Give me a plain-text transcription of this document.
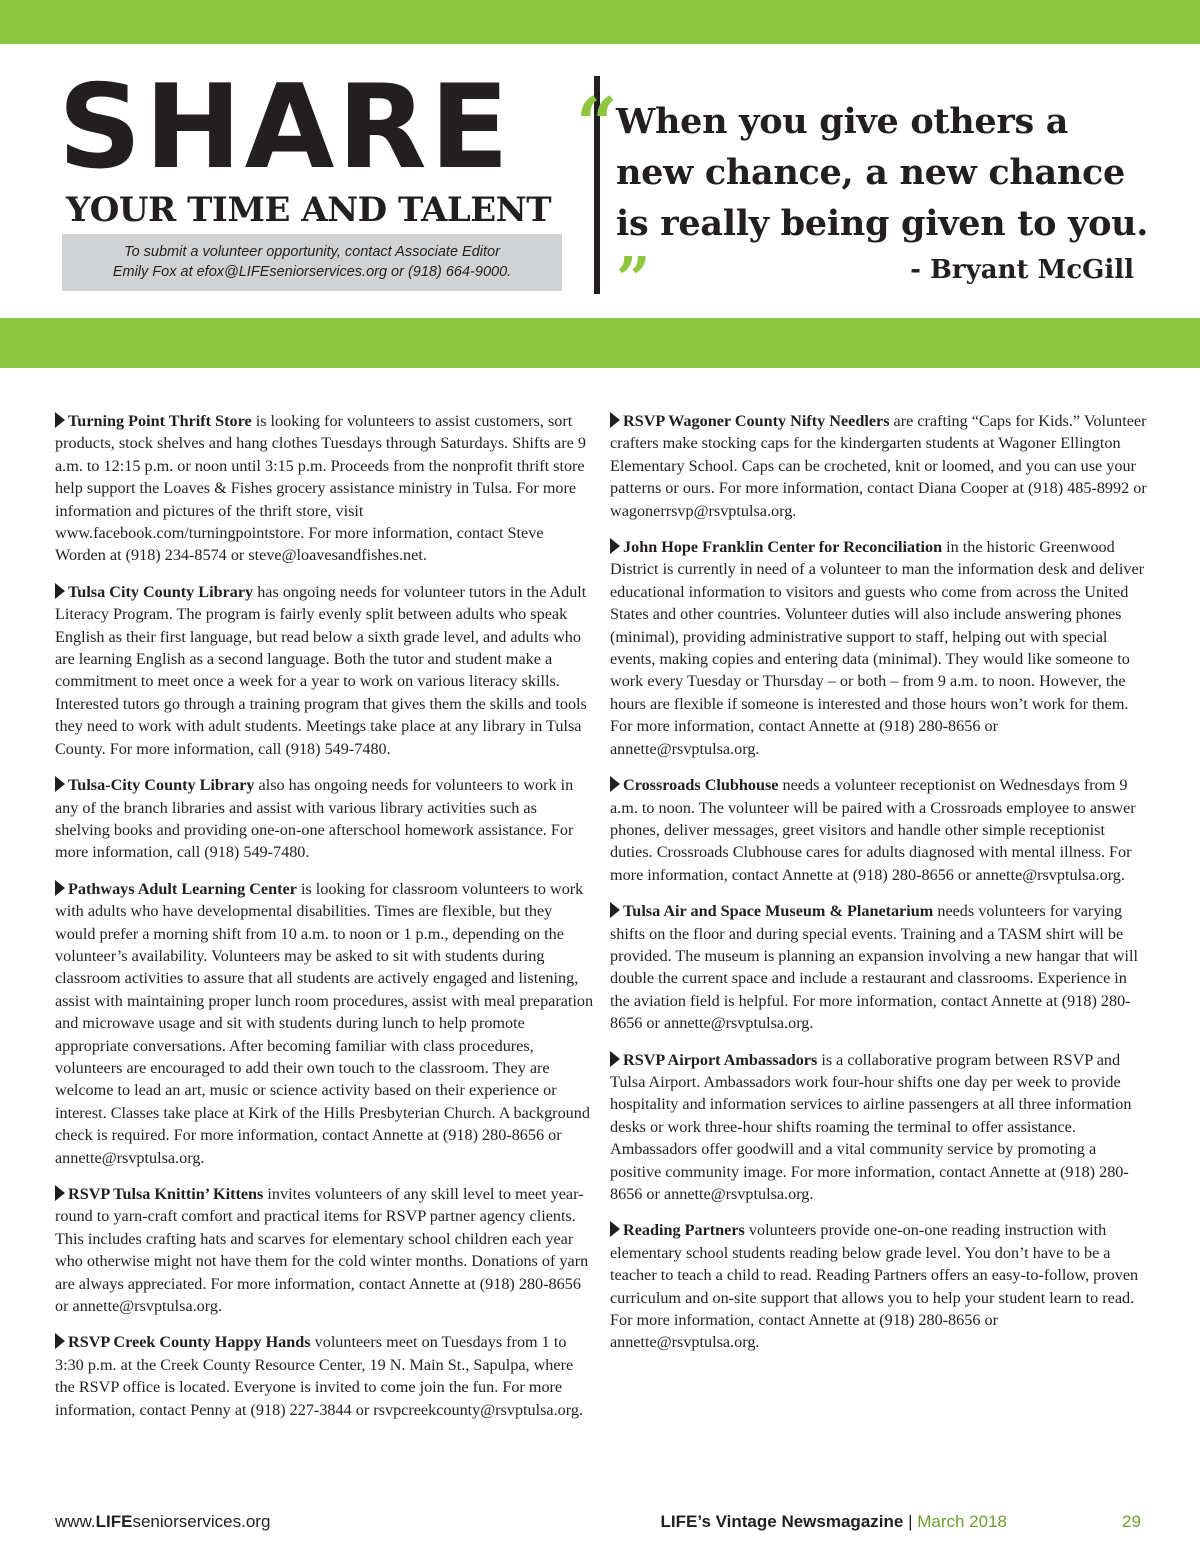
SHARE
YOUR TIME AND TALENT
To submit a volunteer opportunity, contact Associate Editor
Emily Fox at efox@LIFEseniorservices.org or (918) 664-9000.
“
When you give others a new chance, a new chance is really being given to you. ”	- Bryant McGill

Turning Point Thrift Store is looking for volunteers to assist customers, sort products, stock shelves and hang clothes Tuesdays through Saturdays. Shifts are 9 a.m. to 12:15 p.m. or noon until 3:15 p.m. Proceeds from the nonprofit thrift store help support the Loaves & Fishes grocery assistance ministry in Tulsa. For more information and pictures of the thrift store, visit www.facebook.com/turningpointstore. For more information, contact Steve Worden at (918) 234-8574 or steve@loavesandfishes.net.

Tulsa City County Library has ongoing needs for volunteer tutors in the Adult Literacy Program. The program is fairly evenly split between adults who speak English as their first language, but read below a sixth grade level, and adults who are learning English as a second language. Both the tutor and student make a commitment to meet once a week for a year to work on various literacy skills. Interested tutors go through a training program that gives them the skills and tools they need to work with adult students. Meetings take place at any library in Tulsa County. For more information, call (918) 549-7480.

Tulsa-City County Library also has ongoing needs for volunteers to work in any of the branch libraries and assist with various library activities such as shelving books and providing one-on-one afterschool homework assistance. For more information, call (918) 549-7480.

Pathways Adult Learning Center is looking for classroom volunteers to work with adults who have developmental disabilities. Times are flexible, but they would prefer a morning shift from 10 a.m. to noon or 1 p.m., depending on the volunteer’s availability. Volunteers may be asked to sit with students during classroom activities to assure that all students are actively engaged and listening, assist with maintaining proper lunch room procedures, assist with meal preparation and microwave usage and sit with students during lunch to help promote appropriate conversations. After becoming familiar with class procedures, volunteers are encouraged to add their own touch to the classroom. They are welcome to lead an art, music or science activity based on their experience or interest. Classes take place at Kirk of the Hills Presbyterian Church. A background check is required. For more information, contact Annette at (918) 280-8656 or annette@rsvptulsa.org.

RSVP Tulsa Knittin’ Kittens invites volunteers of any skill level to meet year-round to yarn-craft comfort and practical items for RSVP partner agency clients. This includes crafting hats and scarves for elementary school children each year who otherwise might not have them for the cold winter months. Donations of yarn are always appreciated. For more information, contact Annette at (918) 280-8656 or annette@rsvptulsa.org.

RSVP Creek County Happy Hands volunteers meet on Tuesdays from 1 to 3:30 p.m. at the Creek County Resource Center, 19 N. Main St., Sapulpa, where the RSVP office is located. Everyone is invited to come join the fun. For more information, contact Penny at (918) 227-3844 or rsvpcreekcounty@rsvptulsa.org.

RSVP Wagoner County Nifty Needlers are crafting “Caps for Kids.” Volunteer crafters make stocking caps for the kindergarten students at Wagoner Ellington Elementary School. Caps can be crocheted, knit or loomed, and you can use your patterns or ours. For more information, contact Diana Cooper at (918) 485-8992 or wagonerrsvp@rsvptulsa.org.

John Hope Franklin Center for Reconciliation in the historic Greenwood District is currently in need of a volunteer to man the information desk and deliver educational information to visitors and guests who come from across the United States and other countries. Volunteer duties will also include answering phones (minimal), providing administrative support to staff, helping out with special events, making copies and entering data (minimal). They would like someone to work every Tuesday or Thursday – or both – from 9 a.m. to noon. However, the hours are flexible if someone is interested and those hours won’t work for them. For more information, contact Annette at (918) 280-8656 or annette@rsvptulsa.org.

Crossroads Clubhouse needs a volunteer receptionist on Wednesdays from 9 a.m. to noon. The volunteer will be paired with a Crossroads employee to answer phones, deliver messages, greet visitors and handle other simple receptionist duties. Crossroads Clubhouse cares for adults diagnosed with mental illness. For more information, contact Annette at (918) 280-8656 or annette@rsvptulsa.org.

Tulsa Air and Space Museum & Planetarium needs volunteers for varying shifts on the floor and during special events. Training and a TASM shirt will be provided. The museum is planning an expansion involving a new hangar that will double the current space and include a restaurant and classrooms. Experience in the aviation field is helpful. For more information, contact Annette at (918) 280-8656 or annette@rsvptulsa.org.

RSVP Airport Ambassadors is a collaborative program between RSVP and Tulsa Airport. Ambassadors work four-hour shifts one day per week to provide hospitality and information services to airline passengers at all three information desks or work three-hour shifts roaming the terminal to offer assistance. Ambassadors offer goodwill and a vital community service by promoting a positive community image. For more information, contact Annette at (918) 280-8656 or annette@rsvptulsa.org.

Reading Partners volunteers provide one-on-one reading instruction with elementary school students reading below grade level. You don’t have to be a teacher to teach a child to read. Reading Partners offers an easy-to-follow, proven curriculum and on-site support that allows you to help your student learn to read. For more information, contact Annette at (918) 280-8656 or annette@rsvptulsa.org.

www.LIFEseniorservices.org	LIFE’s Vintage Newsmagazine | March 2018	29
